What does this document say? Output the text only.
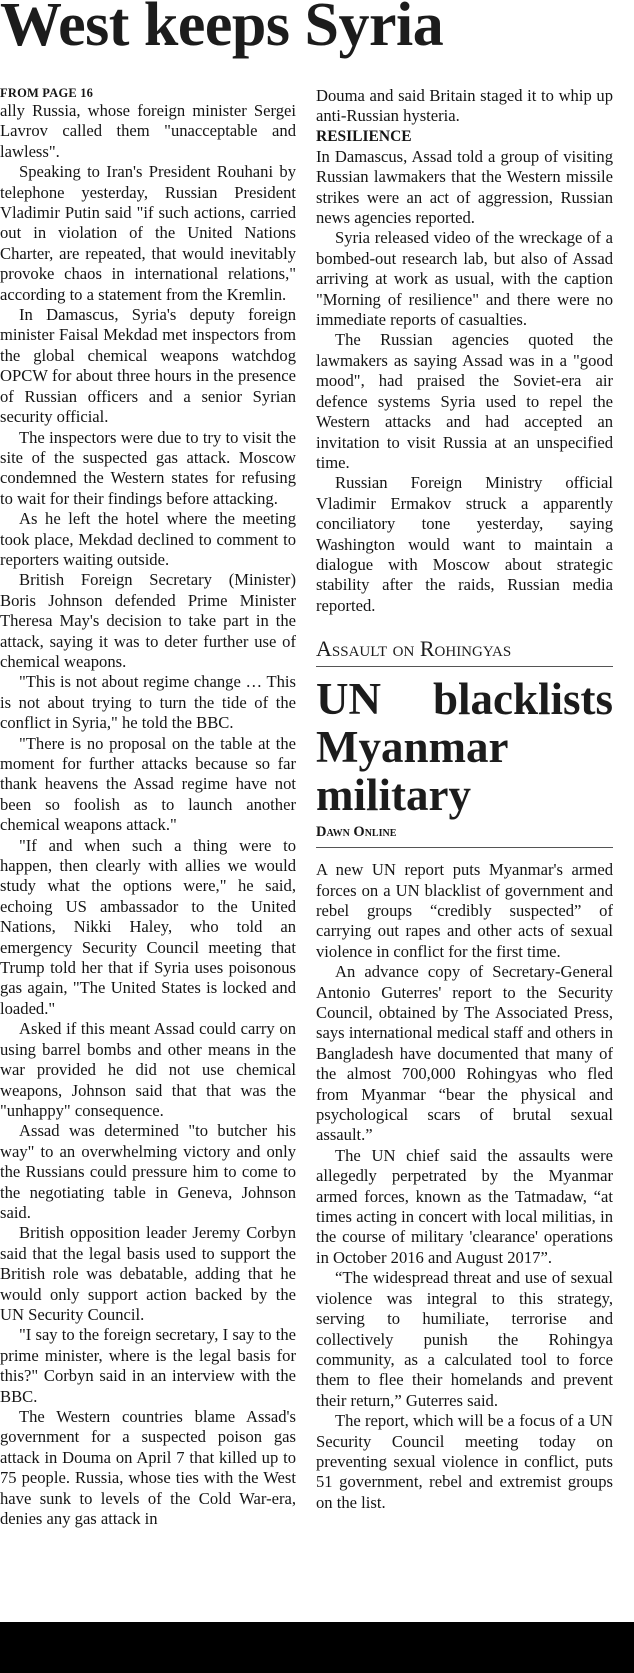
West keeps Syria
FROM PAGE 16

ally Russia, whose foreign minister Sergei Lavrov called them "unacceptable and lawless".

Speaking to Iran's President Rouhani by telephone yesterday, Russian President Vladimir Putin said "if such actions, carried out in violation of the United Nations Charter, are repeated, that would inevitably provoke chaos in international relations," according to a statement from the Kremlin.

In Damascus, Syria's deputy foreign minister Faisal Mekdad met inspectors from the global chemical weapons watchdog OPCW for about three hours in the presence of Russian officers and a senior Syrian security official.

The inspectors were due to try to visit the site of the suspected gas attack. Moscow condemned the Western states for refusing to wait for their findings before attacking.

As he left the hotel where the meeting took place, Mekdad declined to comment to reporters waiting outside.

British Foreign Secretary (Minister) Boris Johnson defended Prime Minister Theresa May's decision to take part in the attack, saying it was to deter further use of chemical weapons.

"This is not about regime change … This is not about trying to turn the tide of the conflict in Syria," he told the BBC.

"There is no proposal on the table at the moment for further attacks because so far thank heavens the Assad regime have not been so foolish as to launch another chemical weapons attack."

"If and when such a thing were to happen, then clearly with allies we would study what the options were," he said, echoing US ambassador to the United Nations, Nikki Haley, who told an emergency Security Council meeting that Trump told her that if Syria uses poisonous gas again, "The United States is locked and loaded."

Asked if this meant Assad could carry on using barrel bombs and other means in the war provided he did not use chemical weapons, Johnson said that that was the "unhappy" consequence.

Assad was determined "to butcher his way" to an overwhelming victory and only the Russians could pressure him to come to the negotiating table in Geneva, Johnson said.

British opposition leader Jeremy Corbyn said that the legal basis used to support the British role was debatable, adding that he would only support action backed by the UN Security Council.

"I say to the foreign secretary, I say to the prime minister, where is the legal basis for this?" Corbyn said in an interview with the BBC.

The Western countries blame Assad's government for a suspected poison gas attack in Douma on April 7 that killed up to 75 people. Russia, whose ties with the West have sunk to levels of the Cold War-era, denies any gas attack in

Douma and said Britain staged it to whip up anti-Russian hysteria.

RESILIENCE

In Damascus, Assad told a group of visiting Russian lawmakers that the Western missile strikes were an act of aggression, Russian news agencies reported.

Syria released video of the wreckage of a bombed-out research lab, but also of Assad arriving at work as usual, with the caption "Morning of resilience" and there were no immediate reports of casualties.

The Russian agencies quoted the lawmakers as saying Assad was in a "good mood", had praised the Soviet-era air defence systems Syria used to repel the Western attacks and had accepted an invitation to visit Russia at an unspecified time.

Russian Foreign Ministry official Vladimir Ermakov struck a apparently conciliatory tone yesterday, saying Washington would want to maintain a dialogue with Moscow about strategic stability after the raids, Russian media reported.

Assault on Rohingyas
UN blacklists Myanmar military
Dawn Online

A new UN report puts Myanmar's armed forces on a UN blacklist of government and rebel groups “credibly suspected” of carrying out rapes and other acts of sexual violence in conflict for the first time.

An advance copy of Secretary-General Antonio Guterres' report to the Security Council, obtained by The Associated Press, says international medical staff and others in Bangladesh have documented that many of the almost 700,000 Rohingyas who fled from Myanmar “bear the physical and psychological scars of brutal sexual assault.”

The UN chief said the assaults were allegedly perpetrated by the Myanmar armed forces, known as the Tatmadaw, “at times acting in concert with local militias, in the course of military 'clearance' operations in October 2016 and August 2017”.

“The widespread threat and use of sexual violence was integral to this strategy, serving to humiliate, terrorise and collectively punish the Rohingya community, as a calculated tool to force them to flee their homelands and prevent their return,” Guterres said.

The report, which will be a focus of a UN Security Council meeting today on preventing sexual violence in conflict, puts 51 government, rebel and extremist groups on the list.
